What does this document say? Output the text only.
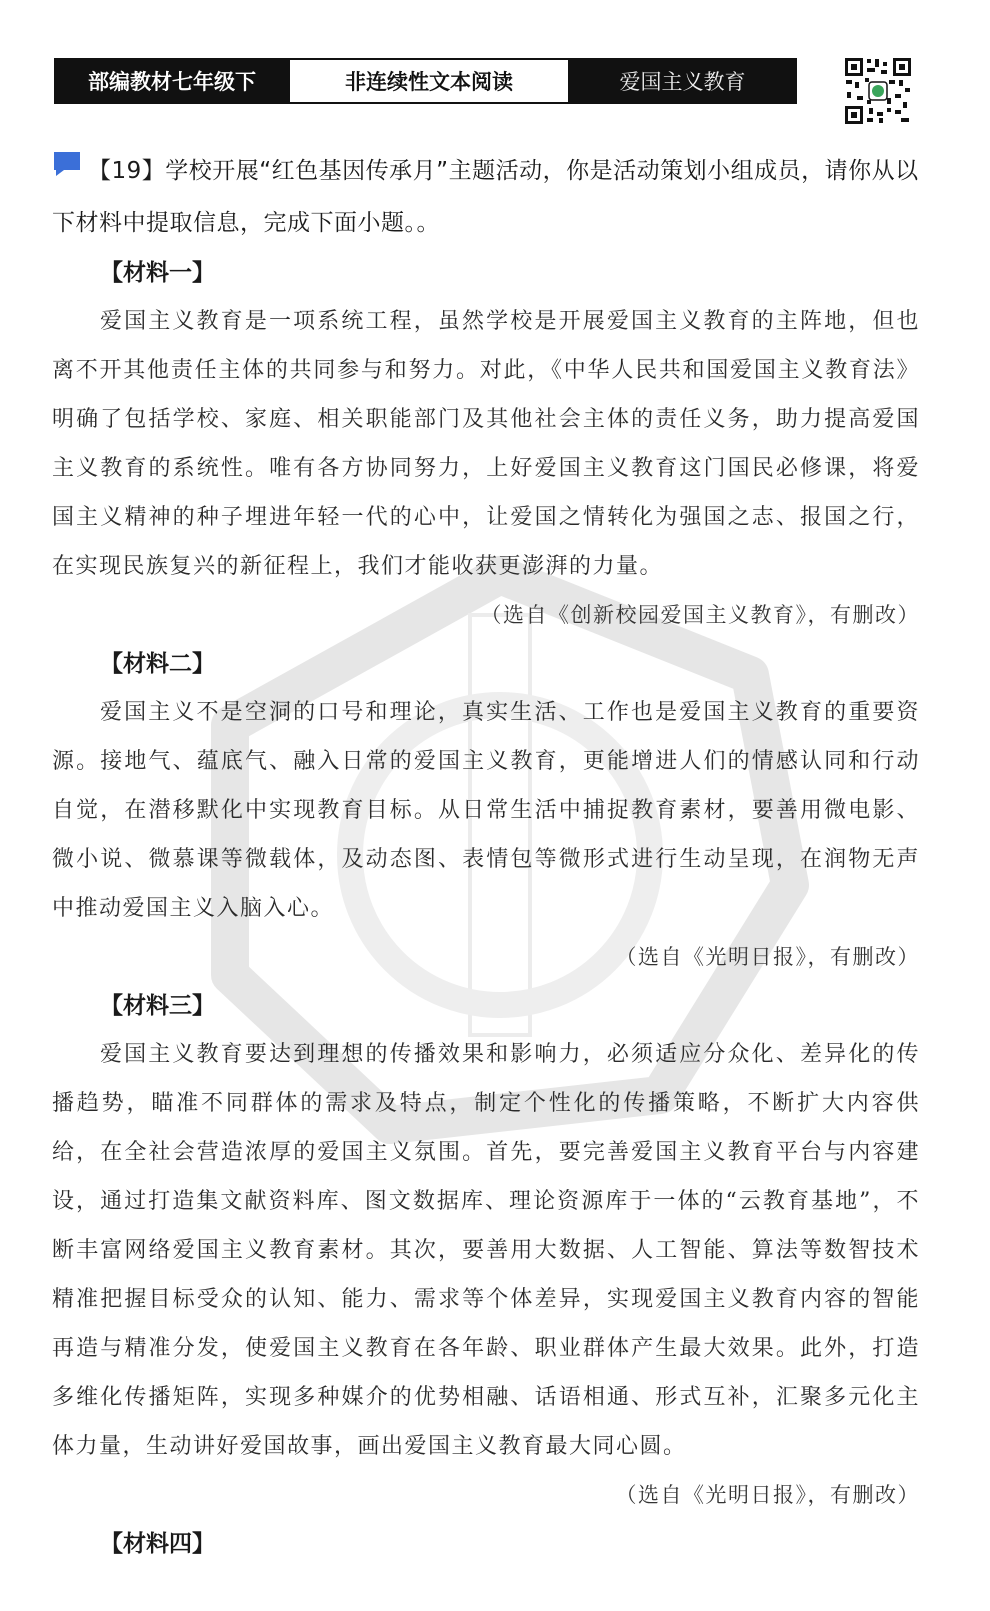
部编教材七年级下	非连续性文本阅读	爱国主义教育

【19】学校开展“红色基因传承月”主题活动，你是活动策划小组成员，请你从以下材料中提取信息，完成下面小题。。

【材料一】

爱国主义教育是一项系统工程，虽然学校是开展爱国主义教育的主阵地，但也离不开其他责任主体的共同参与和努力。对此，《中华人民共和国爱国主义教育法》明确了包括学校、家庭、相关职能部门及其他社会主体的责任义务，助力提高爱国主义教育的系统性。唯有各方协同努力，上好爱国主义教育这门国民必修课，将爱国主义精神的种子埋进年轻一代的心中，让爱国之情转化为强国之志、报国之行，在实现民族复兴的新征程上，我们才能收获更澎湃的力量。

（选自《创新校园爱国主义教育》，有删改）

【材料二】

爱国主义不是空洞的口号和理论，真实生活、工作也是爱国主义教育的重要资源。接地气、蕴底气、融入日常的爱国主义教育，更能增进人们的情感认同和行动自觉，在潜移默化中实现教育目标。从日常生活中捕捉教育素材，要善用微电影、微小说、微慕课等微载体，及动态图、表情包等微形式进行生动呈现，在润物无声中推动爱国主义入脑入心。

（选自《光明日报》，有删改）

【材料三】

爱国主义教育要达到理想的传播效果和影响力，必须适应分众化、差异化的传播趋势，瞄准不同群体的需求及特点，制定个性化的传播策略，不断扩大内容供给，在全社会营造浓厚的爱国主义氛围。首先，要完善爱国主义教育平台与内容建设，通过打造集文献资料库、图文数据库、理论资源库于一体的“云教育基地”，不断丰富网络爱国主义教育素材。其次，要善用大数据、人工智能、算法等数智技术精准把握目标受众的认知、能力、需求等个体差异，实现爱国主义教育内容的智能再造与精准分发，使爱国主义教育在各年龄、职业群体产生最大效果。此外，打造多维化传播矩阵，实现多种媒介的优势相融、话语相通、形式互补，汇聚多元化主体力量，生动讲好爱国故事，画出爱国主义教育最大同心圆。

（选自《光明日报》，有删改）

【材料四】
